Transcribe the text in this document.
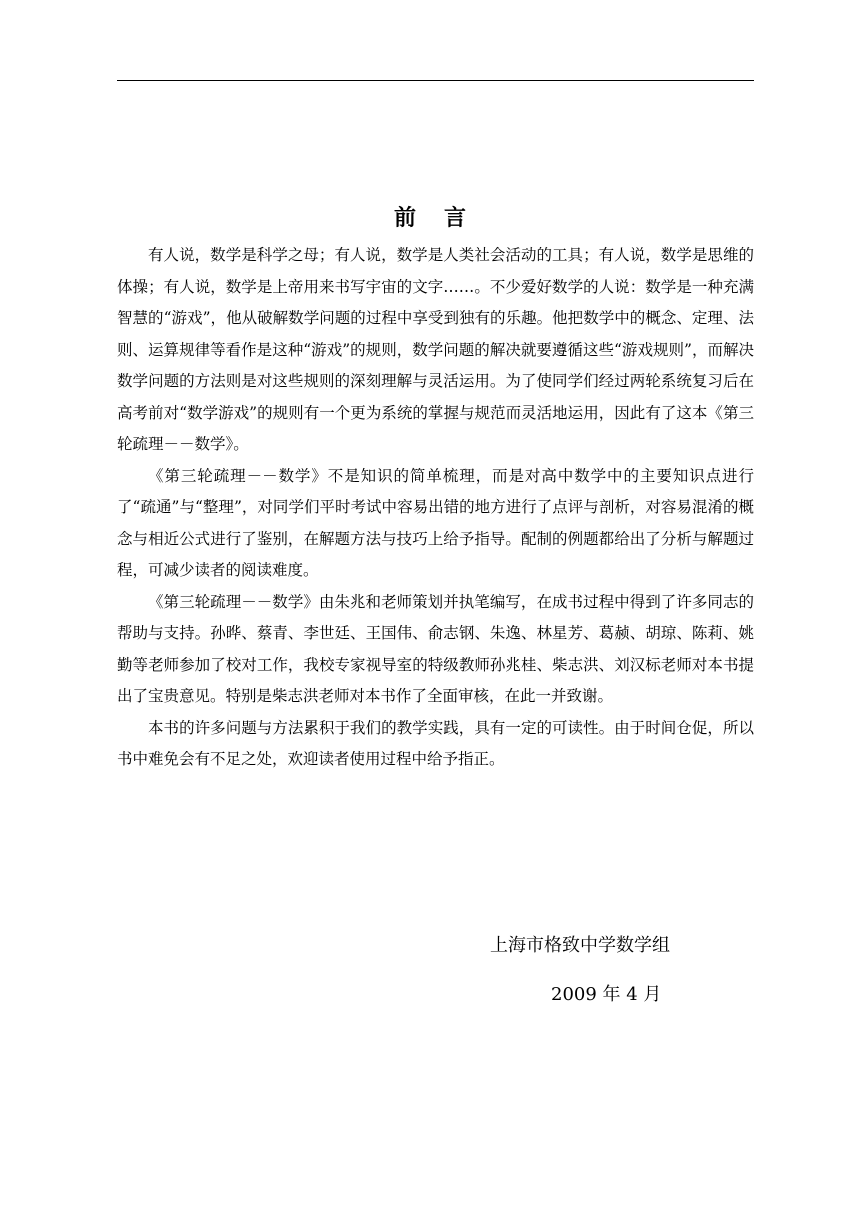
前言

有人说，数学是科学之母；有人说，数学是人类社会活动的工具；有人说，数学是思维的体操；有人说，数学是上帝用来书写宇宙的文字……。不少爱好数学的人说：数学是一种充满智慧的“游戏”，他从破解数学问题的过程中享受到独有的乐趣。他把数学中的概念、定理、法则、运算规律等看作是这种“游戏”的规则，数学问题的解决就要遵循这些“游戏规则”，而解决数学问题的方法则是对这些规则的深刻理解与灵活运用。为了使同学们经过两轮系统复习后在高考前对“数学游戏”的规则有一个更为系统的掌握与规范而灵活地运用，因此有了这本《第三轮疏理－－数学》。

《第三轮疏理－－数学》不是知识的简单梳理，而是对高中数学中的主要知识点进行了“疏通”与“整理”，对同学们平时考试中容易出错的地方进行了点评与剖析，对容易混淆的概念与相近公式进行了鉴别，在解题方法与技巧上给予指导。配制的例题都给出了分析与解题过程，可减少读者的阅读难度。

《第三轮疏理－－数学》由朱兆和老师策划并执笔编写，在成书过程中得到了许多同志的帮助与支持。孙晔、蔡青、李世廷、王国伟、俞志钢、朱逸、林星芳、葛赪、胡琼、陈莉、姚勤等老师参加了校对工作，我校专家视导室的特级教师孙兆桂、柴志洪、刘汉标老师对本书提出了宝贵意见。特别是柴志洪老师对本书作了全面审核，在此一并致谢。

本书的许多问题与方法累积于我们的教学实践，具有一定的可读性。由于时间仓促，所以书中难免会有不足之处，欢迎读者使用过程中给予指正。

上海市格致中学数学组
2009 年 4 月
